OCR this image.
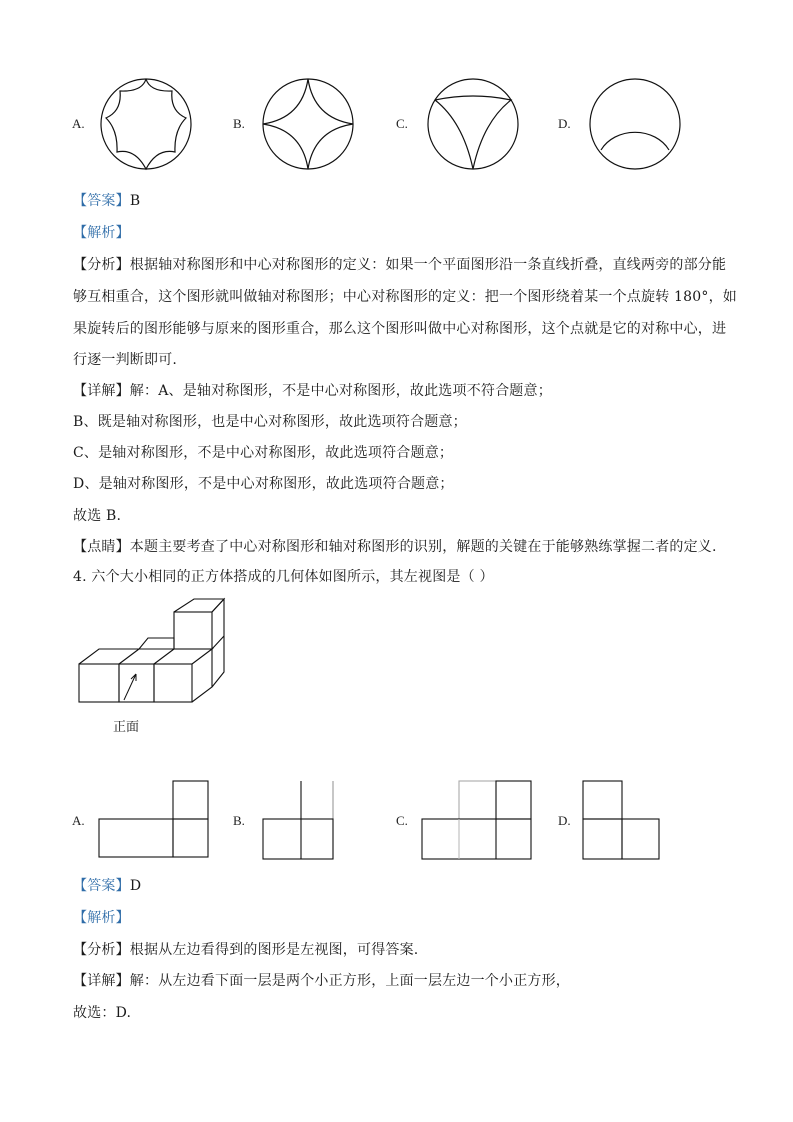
A.	B.	C.	D.
【答案】B
【解析】
【分析】根据轴对称图形和中心对称图形的定义：如果一个平面图形沿一条直线折叠，直线两旁的部分能
够互相重合，这个图形就叫做轴对称图形；中心对称图形的定义：把一个图形绕着某一个点旋转 180°，如
果旋转后的图形能够与原来的图形重合，那么这个图形叫做中心对称图形，这个点就是它的对称中心，进
行逐一判断即可.
【详解】解：A、是轴对称图形，不是中心对称图形，故此选项不符合题意；
B、既是轴对称图形，也是中心对称图形，故此选项符合题意；
C、是轴对称图形，不是中心对称图形，故此选项符合题意；
D、是轴对称图形，不是中心对称图形，故此选项符合题意；
故选 B.
【点睛】本题主要考查了中心对称图形和轴对称图形的识别，解题的关键在于能够熟练掌握二者的定义.
4. 六个大小相同的正方体搭成的几何体如图所示，其左视图是（ ）
正面
A.	B.	C.	D.
【答案】D
【解析】
【分析】根据从左边看得到的图形是左视图，可得答案.
【详解】解：从左边看下面一层是两个小正方形，上面一层左边一个小正方形，
故选：D.
